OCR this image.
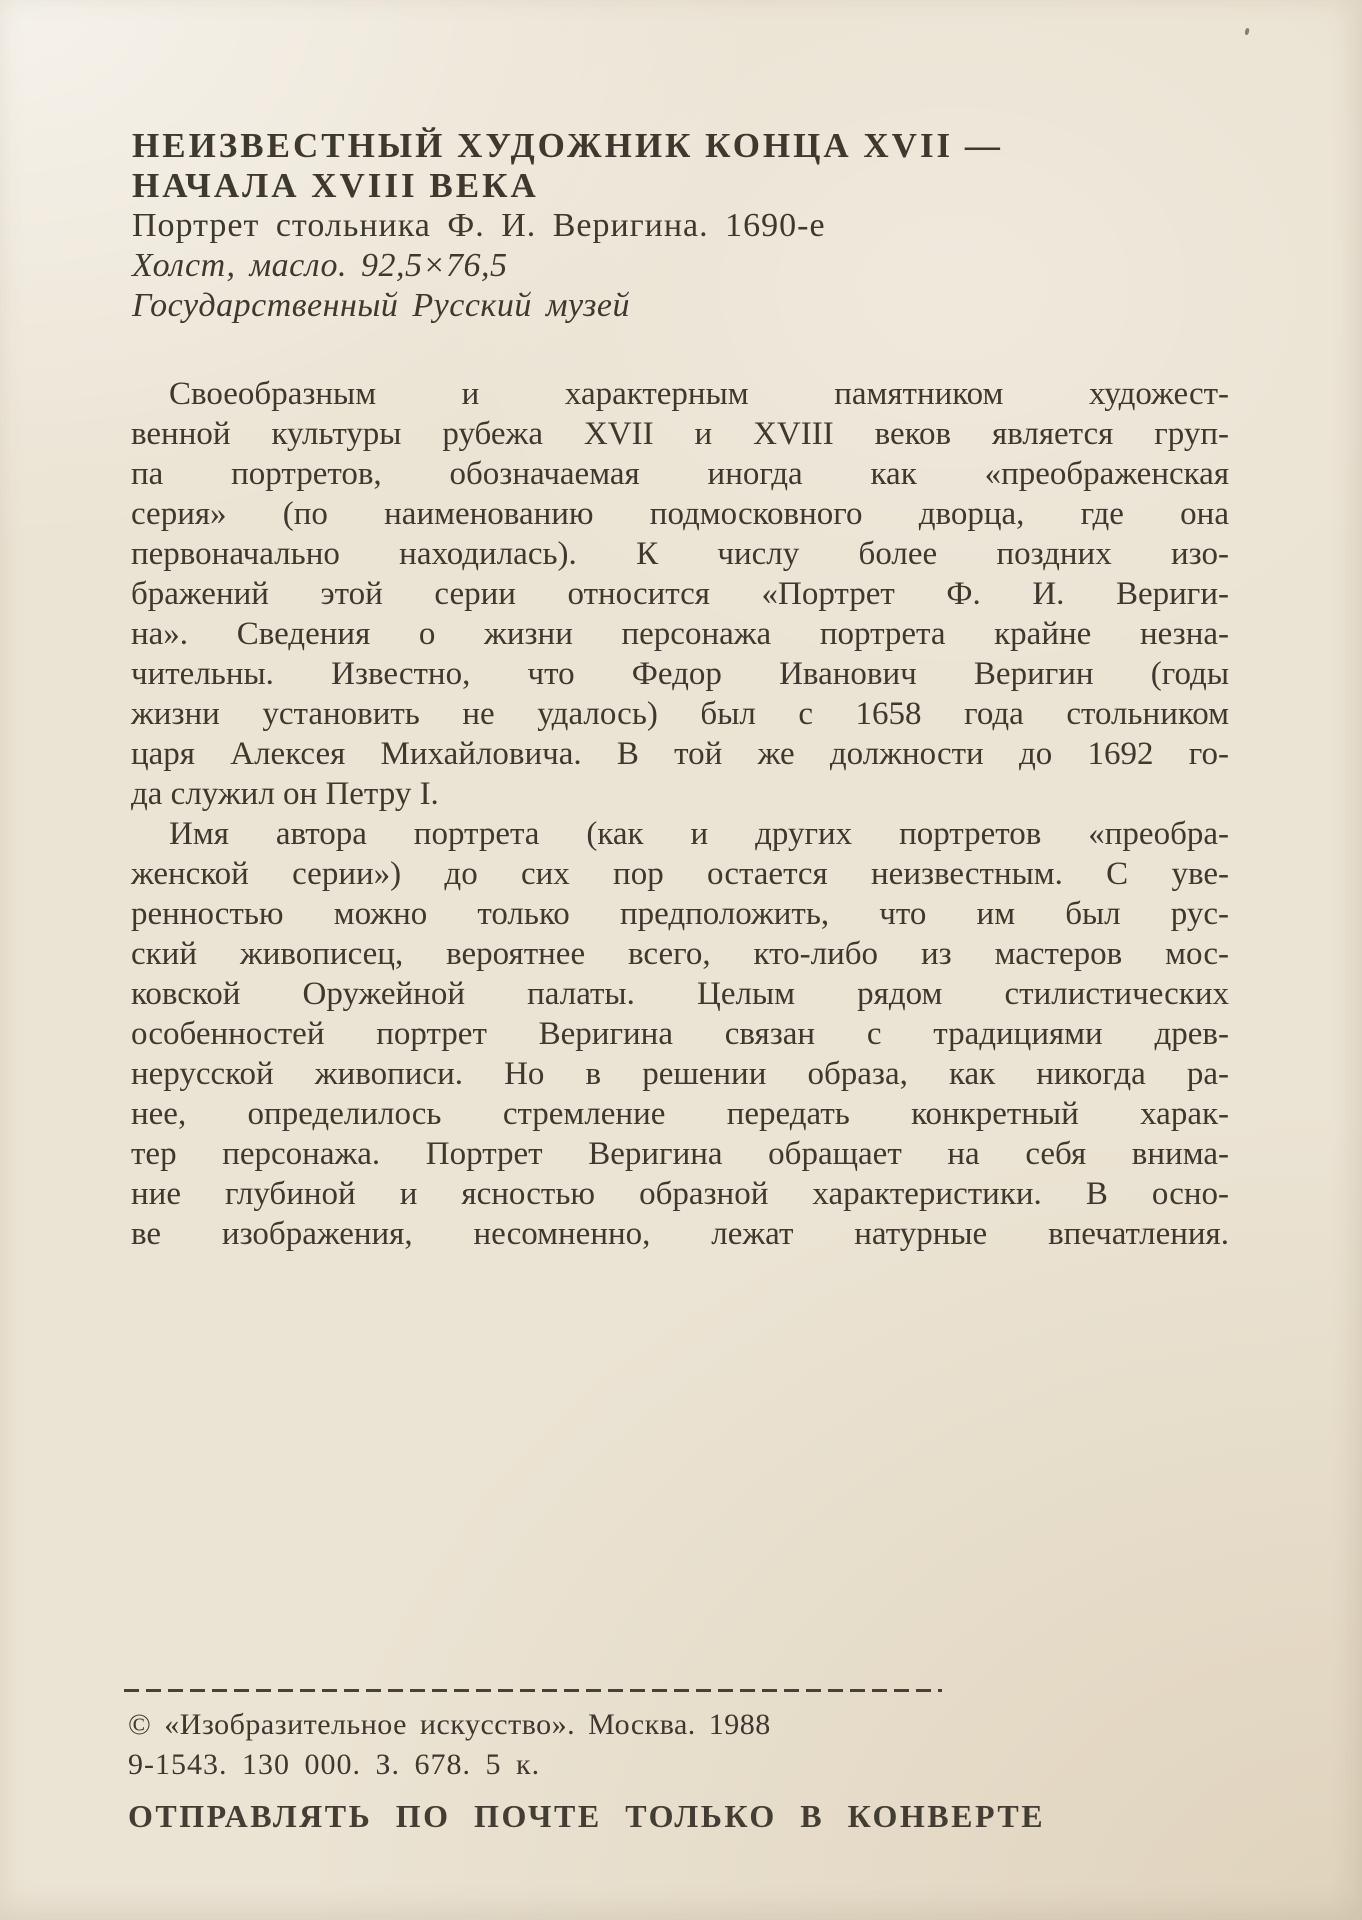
НЕИЗВЕСТНЫЙ ХУДОЖНИК КОНЦА XVII —
НАЧАЛА XVIII ВЕКА
Портрет стольника Ф. И. Веригина. 1690-е
Холст, масло. 92,5×76,5
Государственный Русский музей
Своеобразным и характерным памятником художест-
венной культуры рубежа XVII и XVIII веков является груп-
па портретов, обозначаемая иногда как «преображенская
серия» (по наименованию подмосковного дворца, где она
первоначально находилась). К числу более поздних изо-
бражений этой серии относится «Портрет Ф. И. Вериги-
на». Сведения о жизни персонажа портрета крайне незна-
чительны. Известно, что Федор Иванович Веригин (годы
жизни установить не удалось) был с 1658 года стольником
царя Алексея Михайловича. В той же должности до 1692 го-
да служил он Петру I.
Имя автора портрета (как и других портретов «преобра-
женской серии») до сих пор остается неизвестным. С уве-
ренностью можно только предположить, что им был рус-
ский живописец, вероятнее всего, кто-либо из мастеров мос-
ковской Оружейной палаты. Целым рядом стилистических
особенностей портрет Веригина связан с традициями древ-
нерусской живописи. Но в решении образа, как никогда ра-
нее, определилось стремление передать конкретный харак-
тер персонажа. Портрет Веригина обращает на себя внима-
ние глубиной и ясностью образной характеристики. В осно-
ве изображения, несомненно, лежат натурные впечатления.
© «Изобразительное искусство». Москва. 1988
9-1543. 130 000. З. 678. 5 к.
ОТПРАВЛЯТЬ ПО ПОЧТЕ ТОЛЬКО В КОНВЕРТЕ
